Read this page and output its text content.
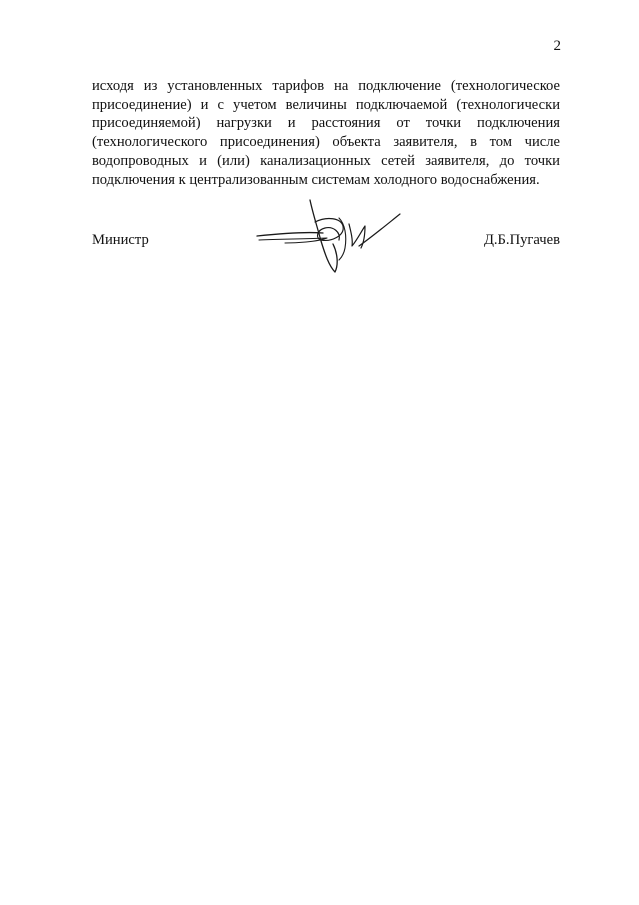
2

исходя из установленных тарифов на подключение (технологическое
присоединение) и с учетом величины подключаемой (технологически
присоединяемой) нагрузки и расстояния от точки подключения
(технологического присоединения) объекта заявителя, в том числе
водопроводных и (или) канализационных сетей заявителя, до точки
подключения к централизованным системам холодного водоснабжения.

Министр	Д.Б.Пугачев
